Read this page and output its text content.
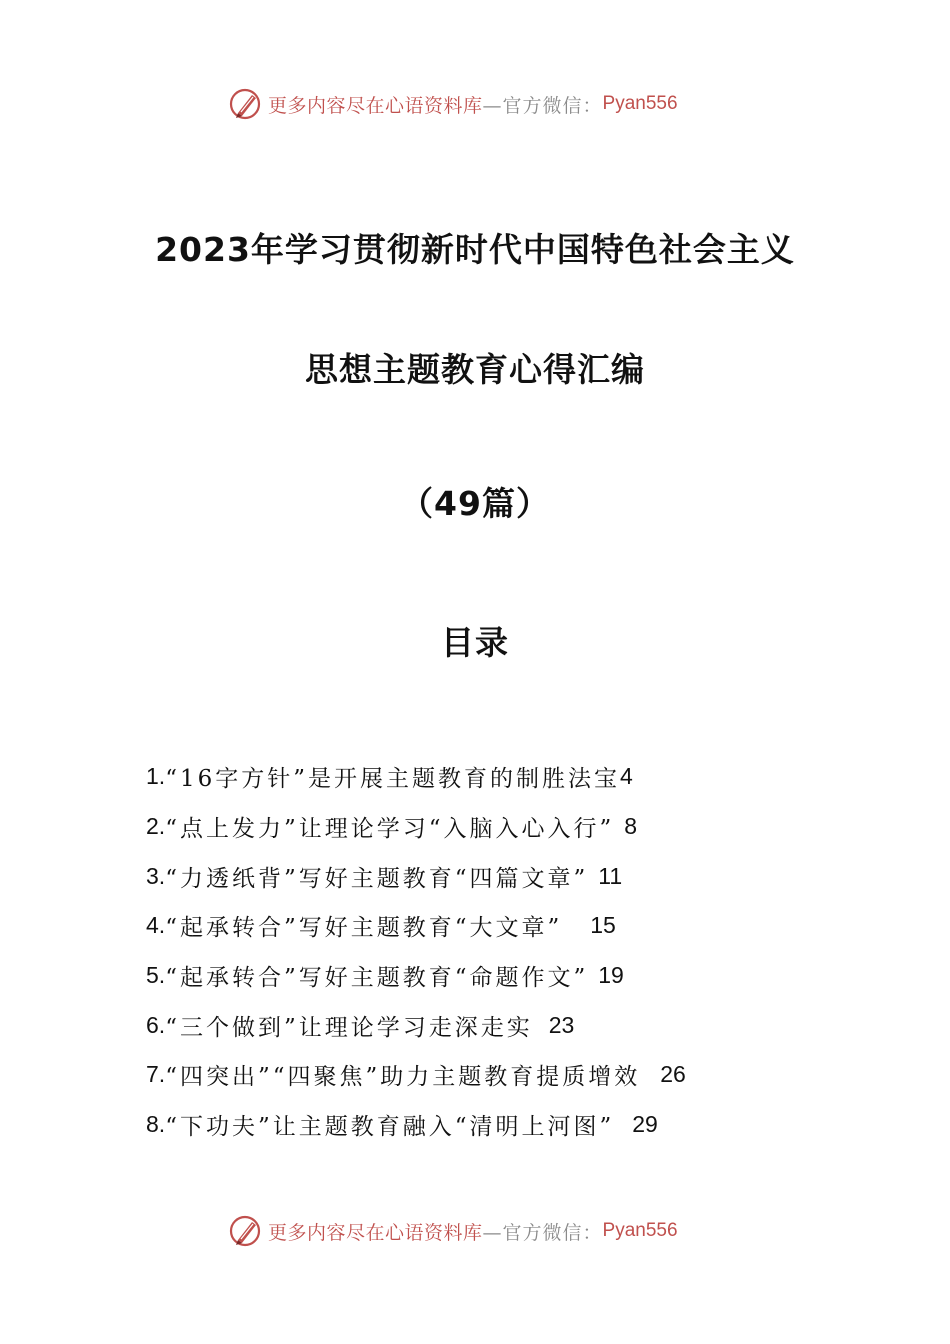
更多内容尽在心语资料库 —官方微信： Pyan556
2023年学习贯彻新时代中国特色社会主义
思想主题教育心得汇编
（49篇）
目录
1. “16字方针”是开展主题教育的制胜法宝 4
2. “点上发力”让理论学习“入脑入心入行” 8
3. “力透纸背”写好主题教育“四篇文章” 11
4. “起承转合”写好主题教育“大文章” 15
5. “起承转合”写好主题教育“命题作文” 19
6. “三个做到”让理论学习走深走实 23
7. “四突出”“四聚焦”助力主题教育提质增效 26
8. “下功夫”让主题教育融入“清明上河图” 29
更多内容尽在心语资料库 —官方微信： Pyan556
